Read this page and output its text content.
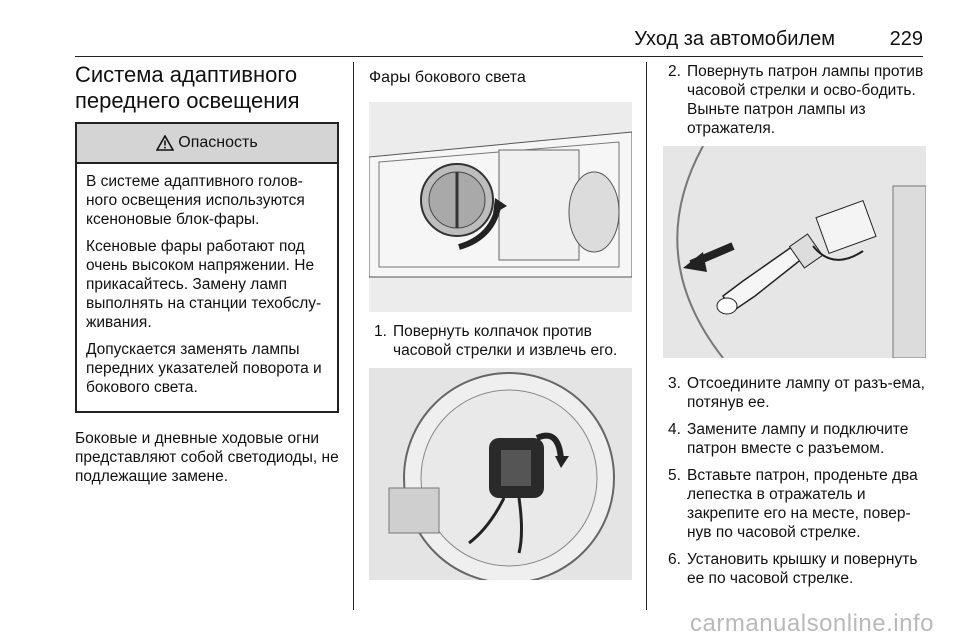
Уход за автомобилем	229
Система адаптивного
переднего освещения
Опасность

В системе адаптивного голов-ного освещения используются ксеноновые блок-фары.

Ксеновые фары работают под очень высоком напряжении. Не прикасайтесь. Замену ламп выполнять на станции техобслу-живания.

Допускается заменять лампы передних указателей поворота и бокового света.

Боковые и дневные ходовые огни представляют собой светодиоды, не подлежащие замене.

Фары бокового света
1. Повернуть колпачок против часовой стрелки и извлечь его.
2. Повернуть патрон лампы против часовой стрелки и осво-бодить. Выньте патрон лампы из отражателя.
3. Отсоедините лампу от разъ-ема, потянув ее.
4. Замените лампу и подключите патрон вместе с разъемом.
5. Вставьте патрон, проденьте два лепестка в отражатель и закрепите его на месте, повер-нув по часовой стрелке.
6. Установить крышку и повернуть ее по часовой стрелке.
carmanualsonline.info
